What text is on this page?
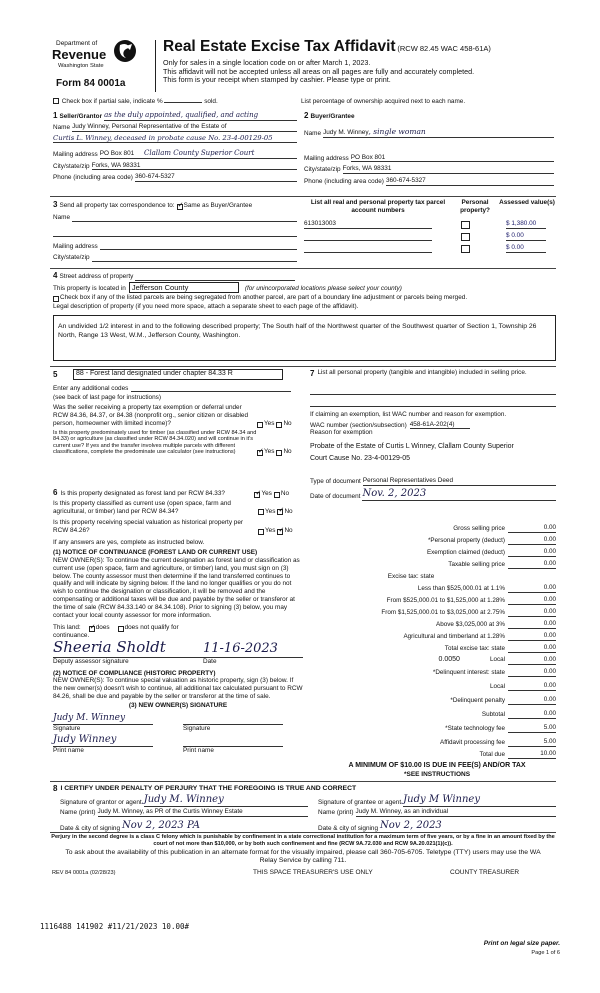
Department of
Revenue
Washington State
Form 84 0001a
Real Estate Excise Tax Affidavit (RCW 82.45 WAC 458-61A)
Only for sales in a single location code on or after March 1, 2023.
This affidavit will not be accepted unless all areas on all pages are fully and accurately completed.
This form is your receipt when stamped by cashier. Please type or print.
Check box if partial sale, indicate %	sold.	List percentage of ownership acquired next to each name.
1 Seller/Grantor as the duly appointed, qualified, and acting
Name Judy Winney, Personal Representative of the Estate of
Curtis L. Winney, deceased in probate cause No. 23-4-00129-05
Mailing address PO Box 801 Clallam County Superior Court
City/state/zip Forks, WA 98331
Phone (including area code) 360-674-5327
2 Buyer/Grantee
Name Judy M. Winney, single woman
Mailing address PO Box 801
City/state/zip Forks, WA 98331
Phone (including area code) 360-674-5327
3 Send all property tax correspondence to: ✓ Same as Buyer/Grantee
Name
Mailing address
City/state/zip
List all real and personal property tax parcel account numbers
Personal property?
Assessed value(s)
613013003	$ 1,380.00
$ 0.00
$ 0.00
4 Street address of property
This property is located in Jefferson County	(for unincorporated locations please select your county)
Check box if any of the listed parcels are being segregated from another parcel, are part of a boundary line adjustment or parcels being merged.
Legal description of property (if you need more space, attach a separate sheet to each page of the affidavit).
An undivided 1/2 interest in and to the following described property; The South half of the Northwest quarter of the Southwest quarter of Section 1, Township 26 North, Range 13 West, W.M., Jefferson County, Washington.
5	88 - Forest land designated under chapter 84.33 R
Enter any additional codes
(see back of last page for instructions)
Was the seller receiving a property tax exemption or deferral under RCW 84.36, 84.37, or 84.38 (nonprofit org., senior citizen or disabled person, homeowner with limited income)?	Yes No
Is this property predominately used for timber (as classified under RCW 84.34 and 84.33) or agriculture (as classified under RCW 84.34.020) and will continue in it's current use? If yes and the transfer involves multiple parcels with different classifications, complete the predominate use calculator (see instructions) ✓	Yes No
6 Is this property designated as forest land per RCW 84.33? ✓	Yes No
Is this property classified as current use (open space, farm and agricultural, or timber) land per RCW 84.34?	Yes ✓ No
Is this property receiving special valuation as historical property per RCW 84.26?	Yes ✓ No
If any answers are yes, complete as instructed below.
(1) NOTICE OF CONTINUANCE (FOREST LAND OR CURRENT USE)
NEW OWNER(S): To continue the current designation as forest land or classification as current use (open space, farm and agriculture, or timber) land, you must sign on (3) below. The county assessor must then determine if the land transferred continues to qualify and will indicate by signing below. If the land no longer qualifies or you do not wish to continue the designation or classification, it will be removed and the compensating or additional taxes will be due and payable by the seller or transferor at the time of sale (RCW 84.33.140 or 84.34.108). Prior to signing (3) below, you may contact your local county assessor for more information.
This land: ✓ does does not qualify for
continuance.
Sheeria Sholdt	11-16-2023
Deputy assessor signature	Date
(2) NOTICE OF COMPLIANCE (HISTORIC PROPERTY)
NEW OWNER(S): To continue special valuation as historic property, sign (3) below. If the new owner(s) doesn't wish to continue, all additional tax calculated pursuant to RCW 84.26, shall be due and payable by the seller or transferor at the time of sale.
(3) NEW OWNER(S) SIGNATURE
Judy M. Winney
Signature	Signature
Judy Winney
Print name	Print name
7 List all personal property (tangible and intangible) included in selling price.
If claiming an exemption, list WAC number and reason for exemption.
WAC number (section/subsection) 458-61A-202(4)
Reason for exemption
Probate of the Estate of Curtis L Winney, Clallam County Superior
Court Cause No. 23-4-00129-05
Type of document Personal Representatives Deed
Date of document Nov. 2, 2023
Gross selling price	0.00
*Personal property (deduct)	0.00
Exemption claimed (deduct)	0.00
Taxable selling price	0.00
Excise tax: state
Less than $525,000.01 at 1.1%	0.00
From $525,000.01 to $1,525,000 at 1.28%	0.00
From $1,525,000.01 to $3,025,000 at 2.75%	0.00
Above $3,025,000 at 3%	0.00
Agricultural and timberland at 1.28%	0.00
Total excise tax: state	0.00
0.0050	Local	0.00
*Delinquent interest: state	0.00
Local	0.00
*Delinquent penalty	0.00
Subtotal	0.00
*State technology fee	5.00
Affidavit processing fee	5.00
Total due	10.00
A MINIMUM OF $10.00 IS DUE IN FEE(S) AND/OR TAX
*SEE INSTRUCTIONS
8 I CERTIFY UNDER PENALTY OF PERJURY THAT THE FOREGOING IS TRUE AND CORRECT
Signature of grantor or agent Judy M. Winney
Name (print) Judy M. Winney, as PR of the Curtis Winney Estate
Date & city of signing Nov 2, 2023 PA
Signature of grantee or agent Judy M Winney
Name (print) Judy M. Winney, as an individual
Date & city of signing Nov 2, 2023
Perjury in the second degree is a class C felony which is punishable by confinement in a state correctional institution for a maximum term of five years, or by a fine in an amount fixed by the court of not more than $10,000, or by both such confinement and fine (RCW 9A.72.030 and RCW 9A.20.021(1)(c)).
To ask about the availability of this publication in an alternate format for the visually impaired, please call 360-705-6705. Teletype (TTY) users may use the WA Relay Service by calling 711.
REV 84 0001a (02/28/23)	THIS SPACE TREASURER'S USE ONLY	COUNTY TREASURER
1116488 141902 #11/21/2023 10.00#
Print on legal size paper.
Page 1 of 6
